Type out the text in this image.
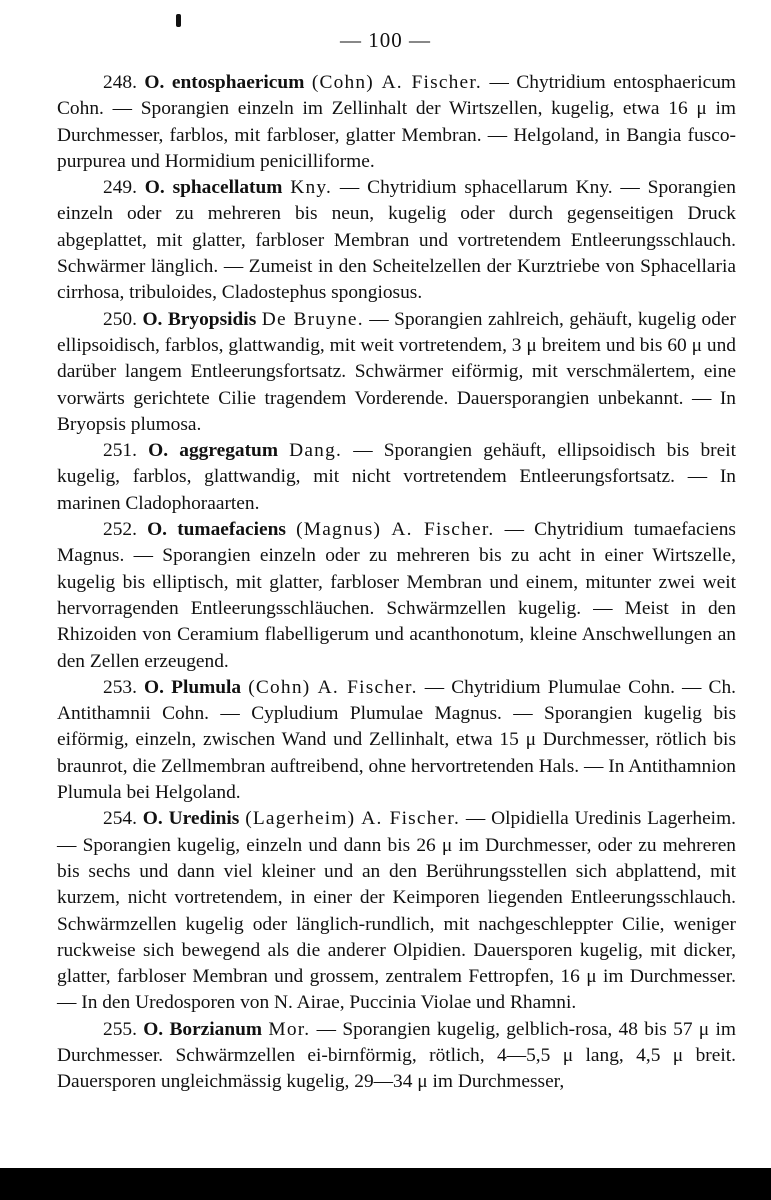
— 100 —

248. O. entosphaericum (Cohn) A. Fischer. — Chytridium entosphaericum Cohn. — Sporangien einzeln im Zellinhalt der Wirtszellen, kugelig, etwa 16 μ im Durchmesser, farblos, mit farbloser, glatter Membran. — Helgoland, in Bangia fusco-purpurea und Hormidium penicilliforme.

249. O. sphacellatum Kny. — Chytridium sphacellarum Kny. — Sporangien einzeln oder zu mehreren bis neun, kugelig oder durch gegenseitigen Druck abgeplattet, mit glatter, farbloser Membran und vortretendem Entleerungsschlauch. Schwärmer länglich. — Zumeist in den Scheitelzellen der Kurztriebe von Sphacellaria cirrhosa, tribuloides, Cladostephus spongiosus.

250. O. Bryopsidis De Bruyne. — Sporangien zahlreich, gehäuft, kugelig oder ellipsoidisch, farblos, glattwandig, mit weit vortretendem, 3 μ breitem und bis 60 μ und darüber langem Entleerungsfortsatz. Schwärmer eiförmig, mit verschmälertem, eine vorwärts gerichtete Cilie tragendem Vorderende. Dauersporangien unbekannt. — In Bryopsis plumosa.

251. O. aggregatum Dang. — Sporangien gehäuft, ellipsoidisch bis breit kugelig, farblos, glattwandig, mit nicht vortretendem Entleerungsfortsatz. — In marinen Cladophoraarten.

252. O. tumaefaciens (Magnus) A. Fischer. — Chytridium tumaefaciens Magnus. — Sporangien einzeln oder zu mehreren bis zu acht in einer Wirtszelle, kugelig bis elliptisch, mit glatter, farbloser Membran und einem, mitunter zwei weit hervorragenden Entleerungsschläuchen. Schwärmzellen kugelig. — Meist in den Rhizoiden von Ceramium flabelligerum und acanthonotum, kleine Anschwellungen an den Zellen erzeugend.

253. O. Plumula (Cohn) A. Fischer. — Chytridium Plumulae Cohn. — Ch. Antithamnii Cohn. — Cypludium Plumulae Magnus. — Sporangien kugelig bis eiförmig, einzeln, zwischen Wand und Zellinhalt, etwa 15 μ Durchmesser, rötlich bis braunrot, die Zellmembran auftreibend, ohne hervortretenden Hals. — In Antithamnion Plumula bei Helgoland.

254. O. Uredinis (Lagerheim) A. Fischer. — Olpidiella Uredinis Lagerheim. — Sporangien kugelig, einzeln und dann bis 26 μ im Durchmesser, oder zu mehreren bis sechs und dann viel kleiner und an den Berührungsstellen sich abplattend, mit kurzem, nicht vortretendem, in einer der Keimporen liegenden Entleerungsschlauch. Schwärmzellen kugelig oder länglich-rundlich, mit nachgeschleppter Cilie, weniger ruckweise sich bewegend als die anderer Olpidien. Dauersporen kugelig, mit dicker, glatter, farbloser Membran und grossem, zentralem Fettropfen, 16 μ im Durchmesser. — In den Uredosporen von N. Airae, Puccinia Violae und Rhamni.

255. O. Borzianum Mor. — Sporangien kugelig, gelblich-rosa, 48 bis 57 μ im Durchmesser. Schwärmzellen ei-birnförmig, rötlich, 4—5,5 μ lang, 4,5 μ breit. Dauersporen ungleichmässig kugelig, 29—34 μ im Durchmesser,
